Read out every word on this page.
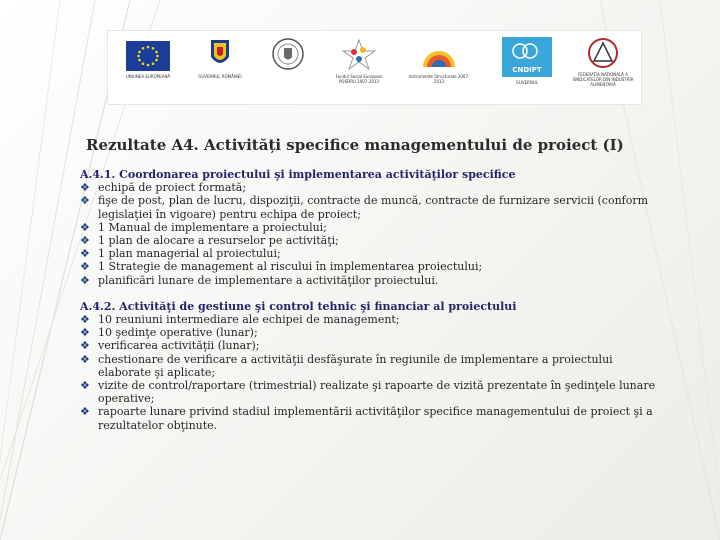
UNIUNEA EUROPEANĂ	GUVERNUL ROMÂNIEI	Fondul Social European POSDRU 2007-2013
Instrumente Structurale 2007-2013
CNDIPT
GUVERNUL
FEDERAȚIA NAȚIONALĂ A SINDICATELOR DIN INDUSTRIA ALIMENTARĂ
Rezultate A4. Activități specifice managementului de proiect (I)

A.4.1. Coordonarea proiectului şi implementarea activităţilor specifice

❖ echipă de proiect formată;
❖ fişe de post, plan de lucru, dispoziţii, contracte de muncă, contracte de furnizare servicii (conform legislaţiei în vigoare) pentru echipa de proiect;
❖ 1 Manual de implementare a proiectului;
❖ 1 plan de alocare a resurselor pe activităţi;
❖ 1 plan managerial al proiectului;
❖ 1 Strategie de management al riscului în implementarea proiectului;
❖ planificări lunare de implementare a activităţilor proiectului.

A.4.2. Activităţi de gestiune şi control tehnic şi financiar al proiectului

❖ 10 reuniuni intermediare ale echipei de management;
❖ 10 şedinţe operative (lunar);
❖ verificarea activităţii (lunar);
❖ chestionare de verificare a activităţii desfăşurate în regiunile de implementare a proiectului elaborate şi aplicate;
❖ vizite de control/raportare (trimestrial) realizate şi rapoarte de vizită prezentate în şedinţele lunare operative;
❖ rapoarte lunare privind stadiul implementării activităţilor specifice managementului de proiect şi a rezultatelor obţinute.
